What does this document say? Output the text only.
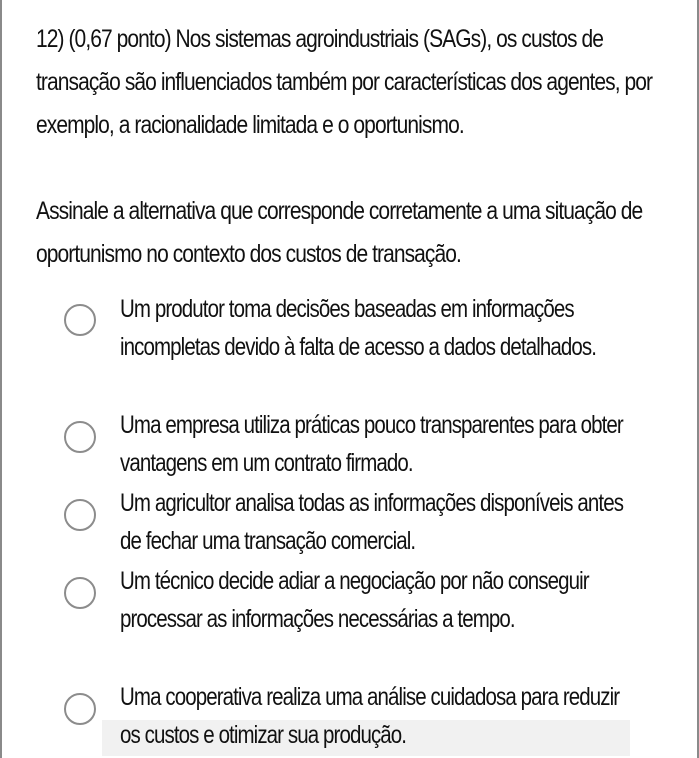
12) (0,67 ponto) Nos sistemas agroindustriais (SAGs), os custos de transação são influenciados também por características dos agentes, por exemplo, a racionalidade limitada e o oportunismo.

Assinale a alternativa que corresponde corretamente a uma situação de oportunismo no contexto dos custos de transação.

Um produtor toma decisões baseadas em informações incompletas devido à falta de acesso a dados detalhados.

Uma empresa utiliza práticas pouco transparentes para obter vantagens em um contrato firmado.

Um agricultor analisa todas as informações disponíveis antes de fechar uma transação comercial.

Um técnico decide adiar a negociação por não conseguir processar as informações necessárias a tempo.

Uma cooperativa realiza uma análise cuidadosa para reduzir os custos e otimizar sua produção.
